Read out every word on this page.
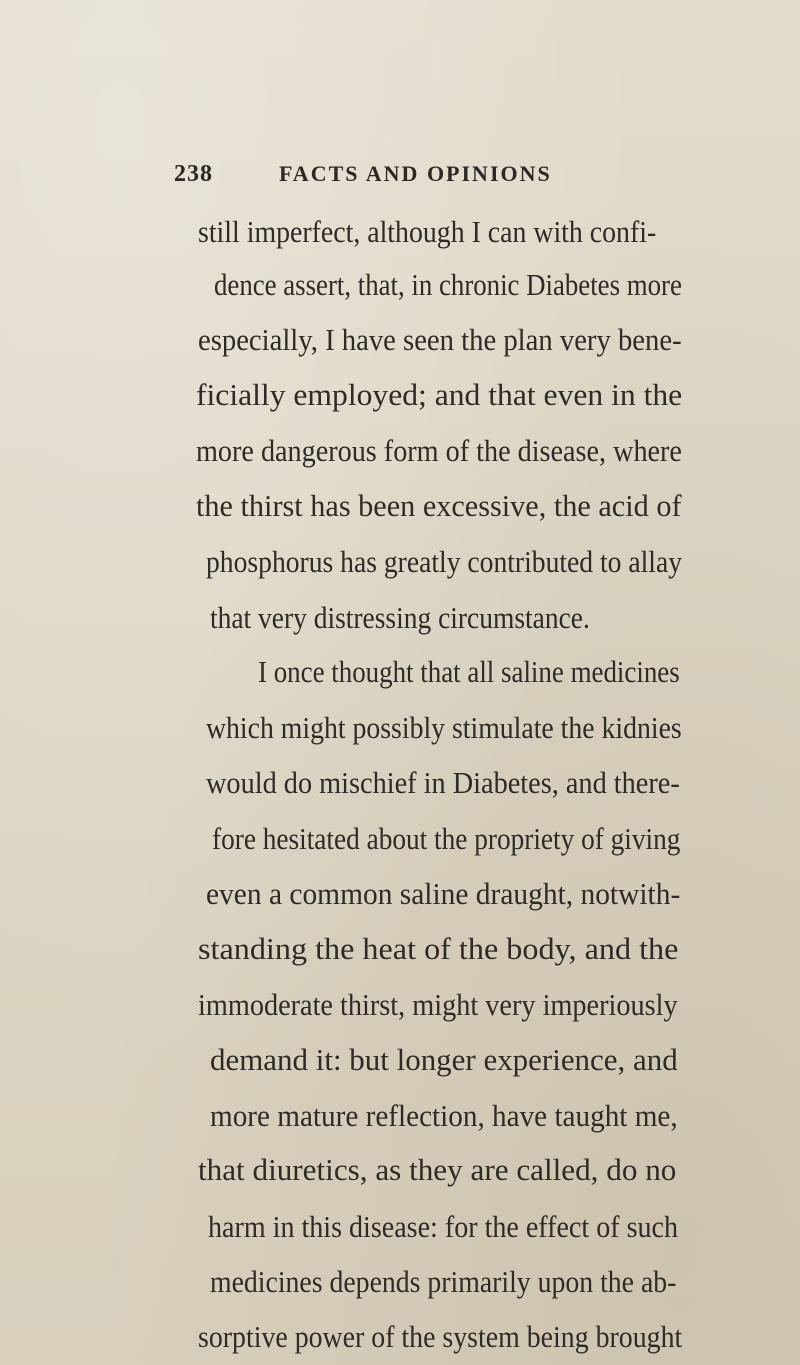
238	FACTS AND OPINIONS
still imperfect, although I can with confi-
dence assert, that, in chronic Diabetes more
especially, I have seen the plan very bene-
ficially employed; and that even in the
more dangerous form of the disease, where
the thirst has been excessive, the acid of
phosphorus has greatly contributed to allay
that very distressing circumstance.
I once thought that all saline medicines
which might possibly stimulate the kidnies
would do mischief in Diabetes, and there-
fore hesitated about the propriety of giving
even a common saline draught, notwith-
standing the heat of the body, and the
immoderate thirst, might very imperiously
demand it: but longer experience, and
more mature reflection, have taught me,
that diuretics, as they are called, do no
harm in this disease: for the effect of such
medicines depends primarily upon the ab-
sorptive power of the system being brought
